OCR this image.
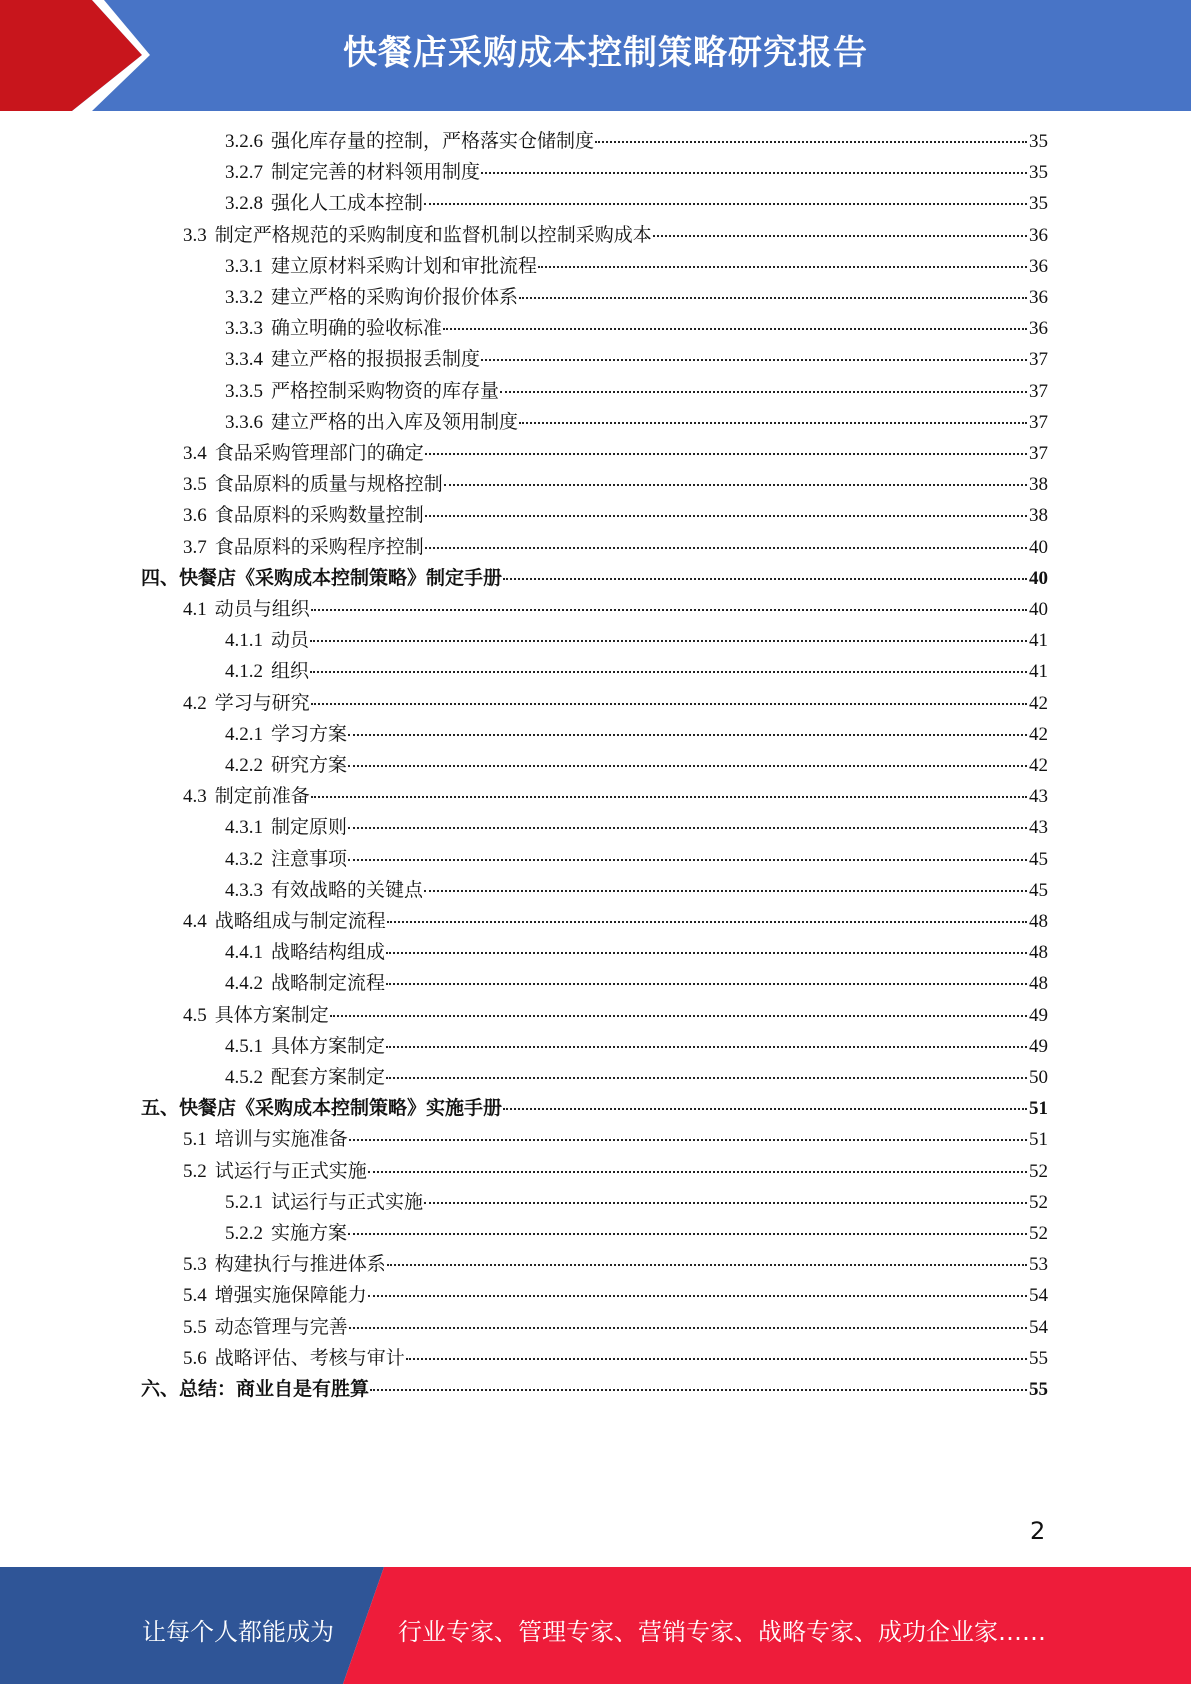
快餐店采购成本控制策略研究报告
3.2.6 强化库存量的控制，严格落实仓储制度	35
3.2.7 制定完善的材料领用制度	35
3.2.8 强化人工成本控制	35
3.3 制定严格规范的采购制度和监督机制以控制采购成本	36
3.3.1 建立原材料采购计划和审批流程	36
3.3.2 建立严格的采购询价报价体系	36
3.3.3 确立明确的验收标准	36
3.3.4 建立严格的报损报丢制度	37
3.3.5 严格控制采购物资的库存量	37
3.3.6 建立严格的出入库及领用制度	37
3.4 食品采购管理部门的确定	37
3.5 食品原料的质量与规格控制	38
3.6 食品原料的采购数量控制	38
3.7 食品原料的采购程序控制	40
四、快餐店《采购成本控制策略》制定手册	40
4.1 动员与组织	40
4.1.1 动员	41
4.1.2 组织	41
4.2 学习与研究	42
4.2.1 学习方案	42
4.2.2 研究方案	42
4.3 制定前准备	43
4.3.1 制定原则	43
4.3.2 注意事项	45
4.3.3 有效战略的关键点	45
4.4 战略组成与制定流程	48
4.4.1 战略结构组成	48
4.4.2 战略制定流程	48
4.5 具体方案制定	49
4.5.1 具体方案制定	49
4.5.2 配套方案制定	50
五、快餐店《采购成本控制策略》实施手册	51
5.1 培训与实施准备	51
5.2 试运行与正式实施	52
5.2.1 试运行与正式实施	52
5.2.2 实施方案	52
5.3 构建执行与推进体系	53
5.4 增强实施保障能力	54
5.5 动态管理与完善	54
5.6 战略评估、考核与审计	55
六、总结：商业自是有胜算	55
2
让每个人都能成为	行业专家、管理专家、营销专家、战略专家、成功企业家……
